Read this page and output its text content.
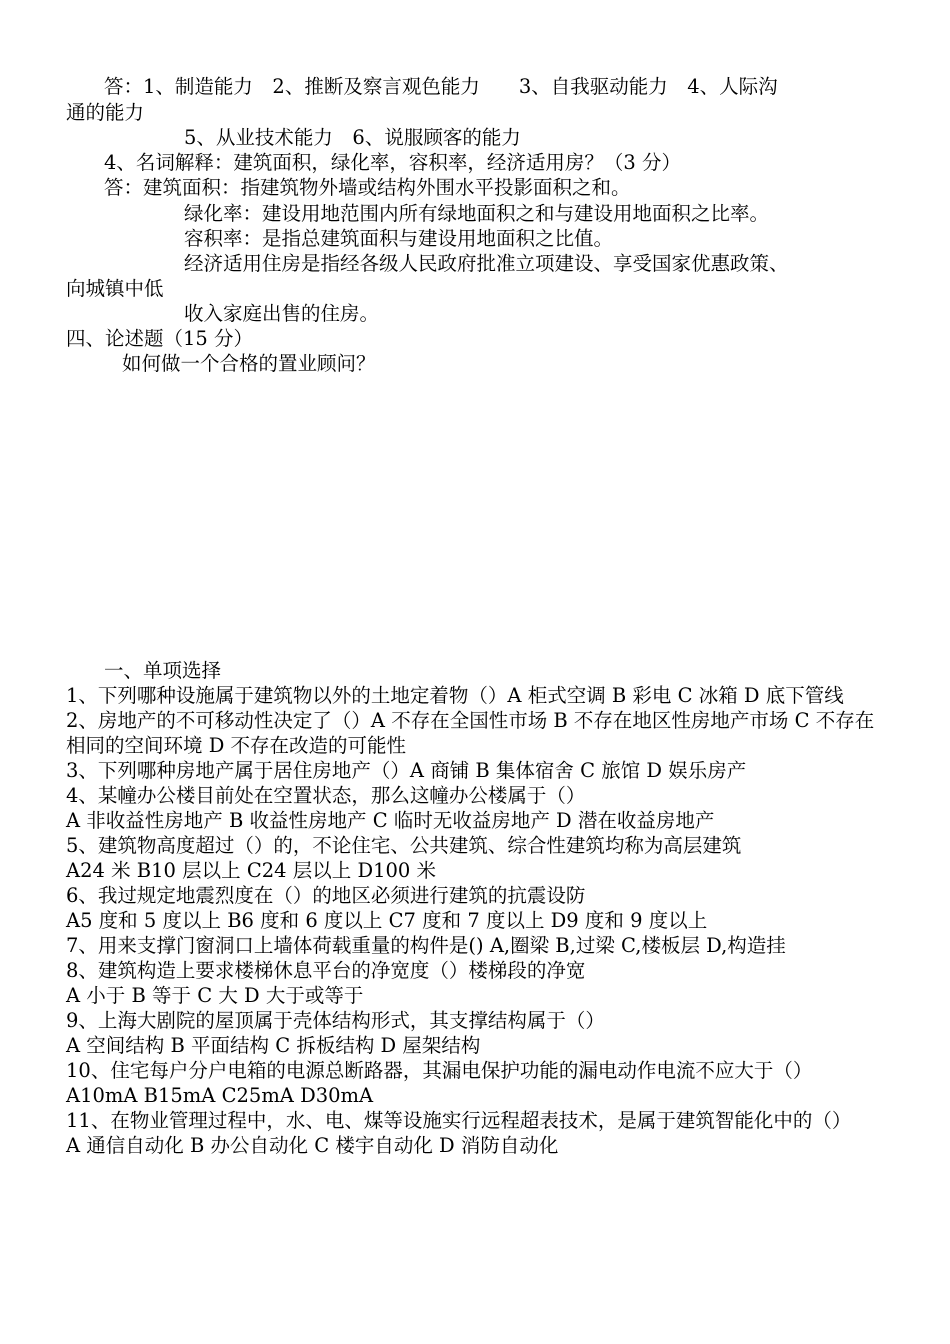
答：1、制造能力　2、推断及察言观色能力　　3、自我驱动能力　4、人际沟
通的能力
5、从业技术能力　6、说服顾客的能力
4、名词解释：建筑面积，绿化率，容积率，经济适用房？（3 分）
答：建筑面积：指建筑物外墙或结构外围水平投影面积之和。
绿化率：建设用地范围内所有绿地面积之和与建设用地面积之比率。
容积率：是指总建筑面积与建设用地面积之比值。
经济适用住房是指经各级人民政府批准立项建设、享受国家优惠政策、
向城镇中低
收入家庭出售的住房。
四、论述题（15 分）
如何做一个合格的置业顾问？
一、单项选择
1、下列哪种设施属于建筑物以外的土地定着物（）A 柜式空调 B 彩电 C 冰箱 D 底下管线
2、房地产的不可移动性决定了（）A 不存在全国性市场 B 不存在地区性房地产市场 C 不存在相同的空间环境 D 不存在改造的可能性
3、下列哪种房地产属于居住房地产（）A 商铺 B 集体宿舍 C 旅馆 D 娱乐房产
4、某幢办公楼目前处在空置状态，那么这幢办公楼属于（）
A 非收益性房地产 B 收益性房地产 C 临时无收益房地产 D 潜在收益房地产
5、建筑物高度超过（）的，不论住宅、公共建筑、综合性建筑均称为高层建筑
A24 米 B10 层以上 C24 层以上 D100 米
6、我过规定地震烈度在（）的地区必须进行建筑的抗震设防
A5 度和 5 度以上 B6 度和 6 度以上 C7 度和 7 度以上 D9 度和 9 度以上
7、用来支撑门窗洞口上墙体荷载重量的构件是() A,圈梁 B,过梁 C,楼板层 D,构造挂
8、建筑构造上要求楼梯休息平台的净宽度（）楼梯段的净宽
A 小于 B 等于 C 大 D 大于或等于
9、上海大剧院的屋顶属于壳体结构形式，其支撑结构属于（）
A 空间结构 B 平面结构 C 拆板结构 D 屋架结构
10、住宅每户分户电箱的电源总断路器，其漏电保护功能的漏电动作电流不应大于（）
A10mA B15mA C25mA D30mA
11、在物业管理过程中，水、电、煤等设施实行远程超表技术，是属于建筑智能化中的（）
A 通信自动化 B 办公自动化 C 楼宇自动化 D 消防自动化
